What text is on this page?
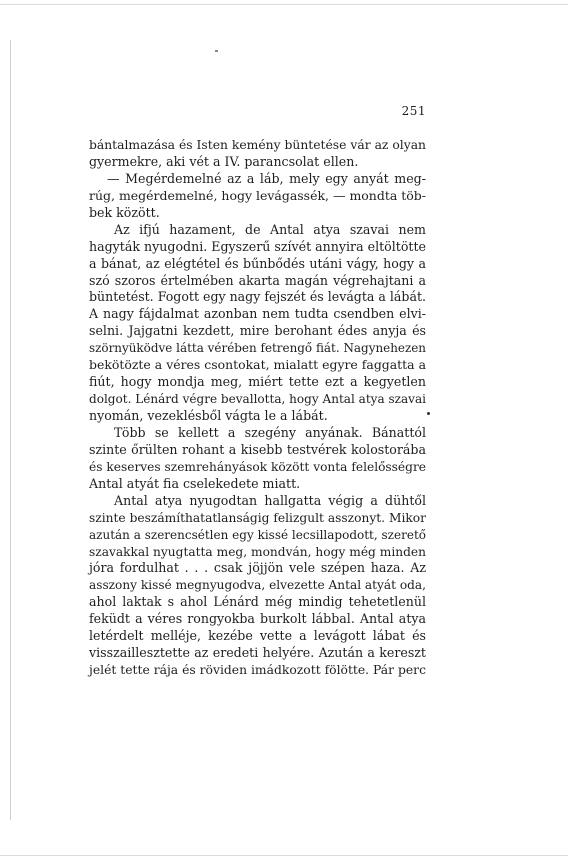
251
bántalmazása és Isten kemény büntetése vár az olyan
gyermekre, aki vét a IV. parancsolat ellen.
— Megérdemelné az a láb, mely egy anyát meg-
rúg, megérdemelné, hogy levágassék, — mondta töb-
bek között.
Az ifjú hazament, de Antal atya szavai nem
hagyták nyugodni. Egyszerű szívét annyira eltöltötte
a bánat, az elégtétel és bűnbődés utáni vágy, hogy a
szó szoros értelmében akarta magán végrehajtani a
büntetést. Fogott egy nagy fejszét és levágta a lábát.
A nagy fájdalmat azonban nem tudta csendben elvi-
selni. Jajgatni kezdett, mire berohant édes anyja és
szörnyüködve látta vérében fetrengő fiát. Nagynehezen
bekötözte a véres csontokat, mialatt egyre faggatta a
fiút, hogy mondja meg, miért tette ezt a kegyetlen
dolgot. Lénárd végre bevallotta, hogy Antal atya szavai
nyomán, vezeklésből vágta le a lábát.
Több se kellett a szegény anyának. Bánattól
szinte őrülten rohant a kisebb testvérek kolostorába
és keserves szemrehányások között vonta felelősségre
Antal atyát fia cselekedete miatt.
Antal atya nyugodtan hallgatta végig a dühtől
szinte beszámíthatatlanságig felizgult asszonyt. Mikor
azután a szerencsétlen egy kissé lecsillapodott, szerető
szavakkal nyugtatta meg, mondván, hogy még minden
jóra fordulhat . . . csak jöjjön vele szépen haza. Az
asszony kissé megnyugodva, elvezette Antal atyát oda,
ahol laktak s ahol Lénárd még mindig tehetetlenül
feküdt a véres rongyokba burkolt lábbal. Antal atya
letérdelt melléje, kezébe vette a levágott lábat és
visszaillesztette az eredeti helyére. Azután a kereszt
jelét tette rája és röviden imádkozott fölötte. Pár perc
